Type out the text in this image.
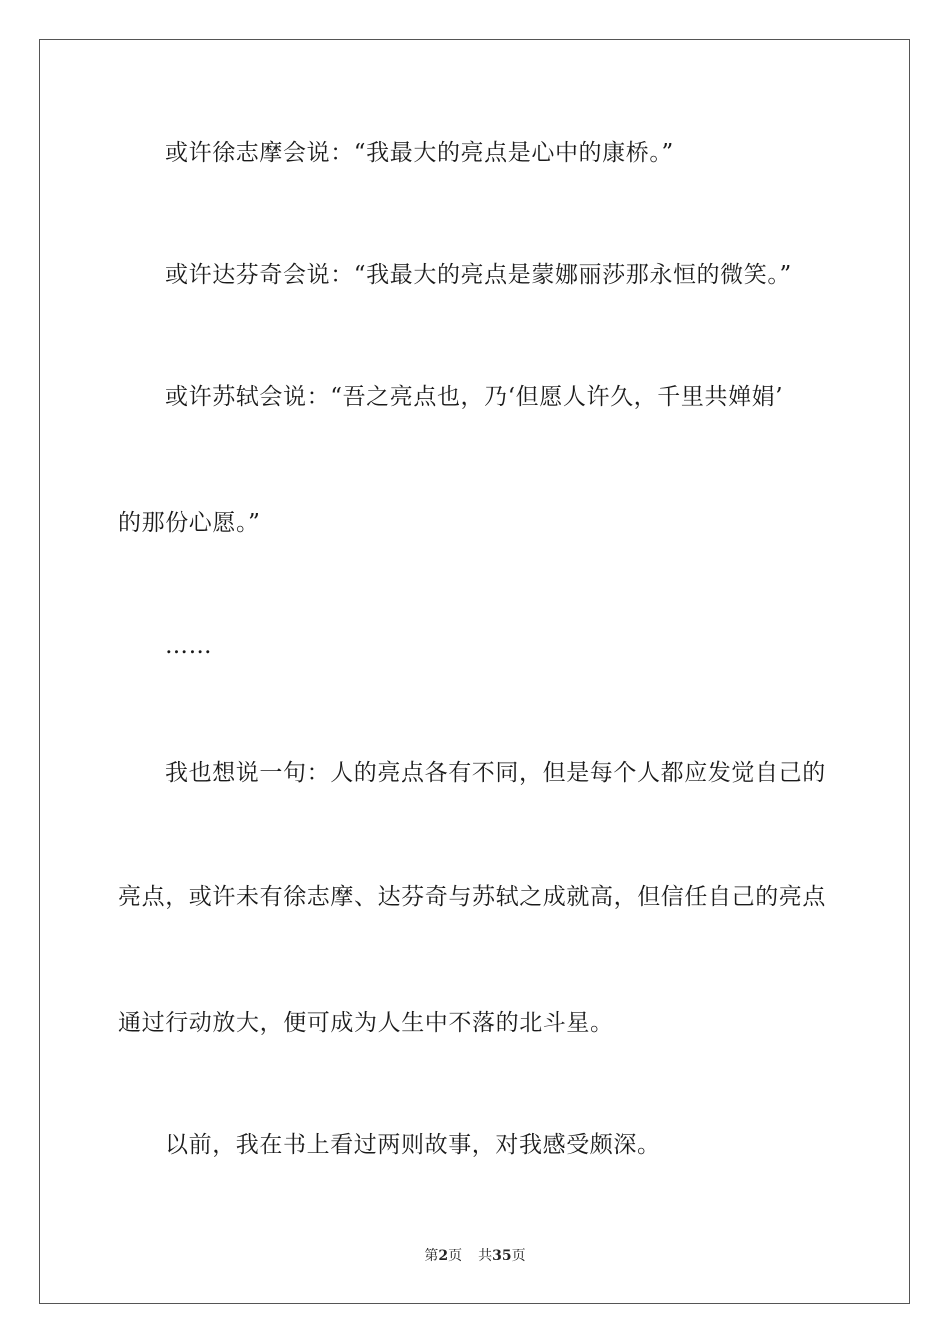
或许徐志摩会说：“我最大的亮点是心中的康桥。”
或许达芬奇会说：“我最大的亮点是蒙娜丽莎那永恒的微笑。”
或许苏轼会说：“吾之亮点也，乃‘但愿人许久，千里共婵娟’
的那份心愿。”
……
我也想说一句：人的亮点各有不同，但是每个人都应发觉自己的
亮点，或许未有徐志摩、达芬奇与苏轼之成就高，但信任自己的亮点
通过行动放大，便可成为人生中不落的北斗星。
以前，我在书上看过两则故事，对我感受颇深。
第2页 共35页
